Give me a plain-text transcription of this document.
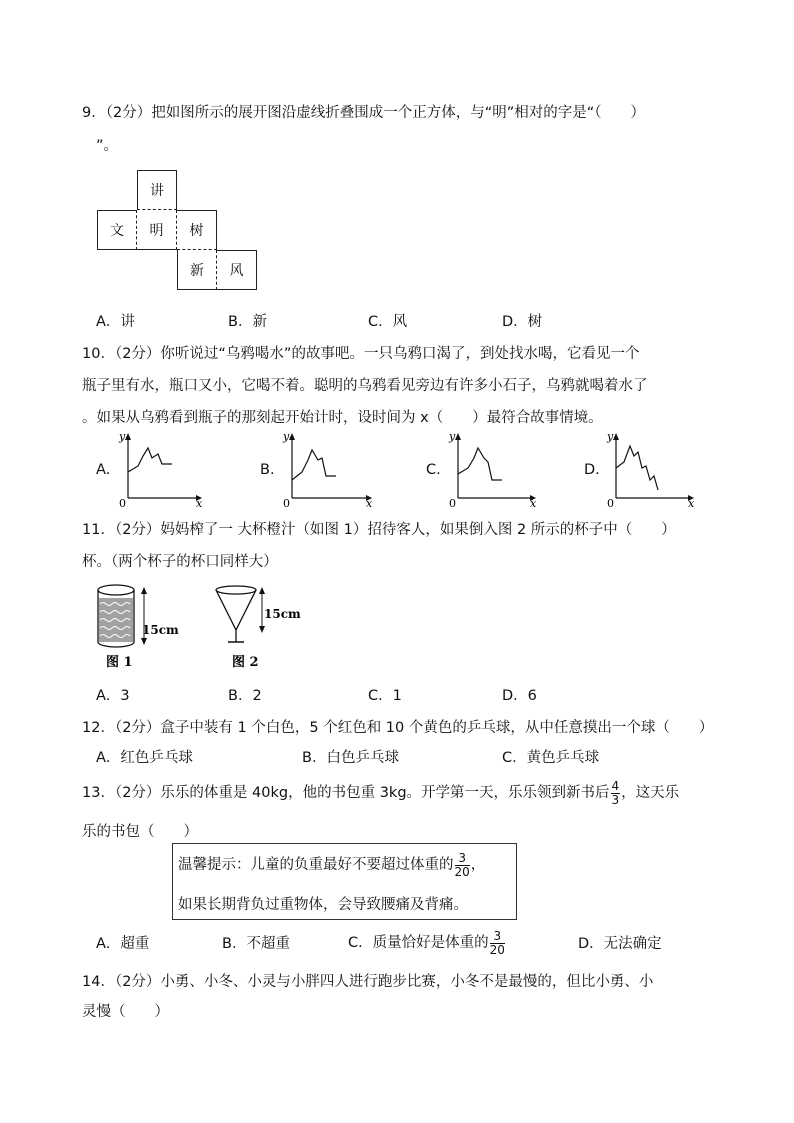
9．（2分）把如图所示的展开图沿虚线折叠围成一个正方体，与“明”相对的字是“（　　）
”。
讲
文	明	树
新	风
A．讲	B．新	C．风	D．树
10．（2分）你听说过“乌鸦喝水”的故事吧。一只乌鸦口渴了，到处找水喝，它看见一个
瓶子里有水，瓶口又小，它喝不着。聪明的乌鸦看见旁边有许多小石子，乌鸦就喝着水了
。如果从乌鸦看到瓶子的那刻起开始计时，设时间为 x（　　）最符合故事情境。
A.	B.	C.	D.
y
x
0
y
x
0
y
x
0
y
x
0
11．（2分）妈妈榨了一 大杯橙汁（如图 1）招待客人，如果倒入图 2 所示的杯子中（　　）
杯。（两个杯子的杯口同样大）
15cm
图 1
15cm
图 2
A．3	B．2	C．1	D．6
12．（2分）盒子中装有 1 个白色，5 个红色和 10 个黄色的乒乓球，从中任意摸出一个球（　　）
A．红色乒乓球	B．白色乒乓球	C．黄色乒乓球
13．（2分）乐乐的体重是 40kg，他的书包重 3kg。开学第一天，乐乐领到新书后 $\frac{4}{3}$ ，这天乐
乐的书包（　　）
温馨提示：儿童的负重最好不要超过体重的 $\frac{3}{20}$ ，
如果长期背负过重物体，会导致腰痛及背痛。
A．超重	B．不超重	C．质量恰好是体重的 $\frac{3}{20}$	D．无法确定
14．（2分）小勇、小冬、小灵与小胖四人进行跑步比赛，小冬不是最慢的，但比小勇、小
灵慢（　　）
